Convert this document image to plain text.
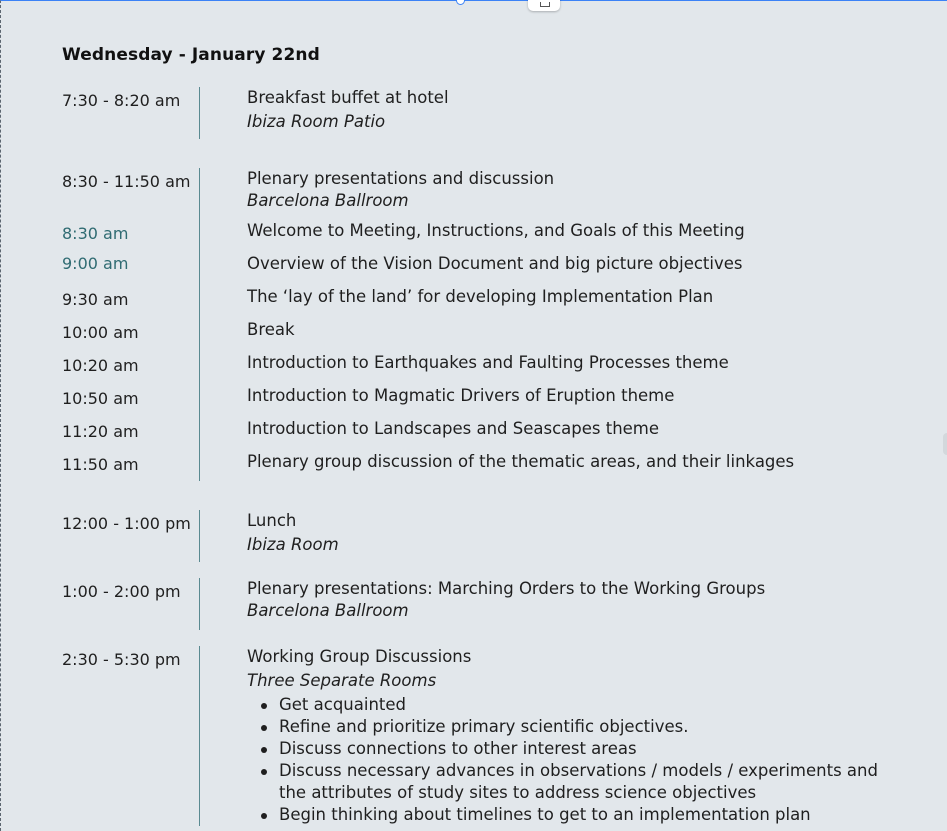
Wednesday - January 22nd
7:30 - 8:20 am	Breakfast buffet at hotel
Ibiza Room Patio
8:30 - 11:50 am	Plenary presentations and discussion
Barcelona Ballroom
8:30 am	Welcome to Meeting, Instructions, and Goals of this Meeting
9:00 am	Overview of the Vision Document and big picture objectives
9:30 am	The ‘lay of the land’ for developing Implementation Plan
10:00 am	Break
10:20 am	Introduction to Earthquakes and Faulting Processes theme
10:50 am	Introduction to Magmatic Drivers of Eruption theme
11:20 am	Introduction to Landscapes and Seascapes theme
11:50 am	Plenary group discussion of the thematic areas, and their linkages
12:00 - 1:00 pm	Lunch
Ibiza Room
1:00 - 2:00 pm	Plenary presentations: Marching Orders to the Working Groups
Barcelona Ballroom
2:30 - 5:30 pm	Working Group Discussions
Three Separate Rooms
Get acquainted
Refine and prioritize primary scientific objectives.
Discuss connections to other interest areas
Discuss necessary advances in observations / models / experiments and the attributes of study sites to address science objectives
Begin thinking about timelines to get to an implementation plan
